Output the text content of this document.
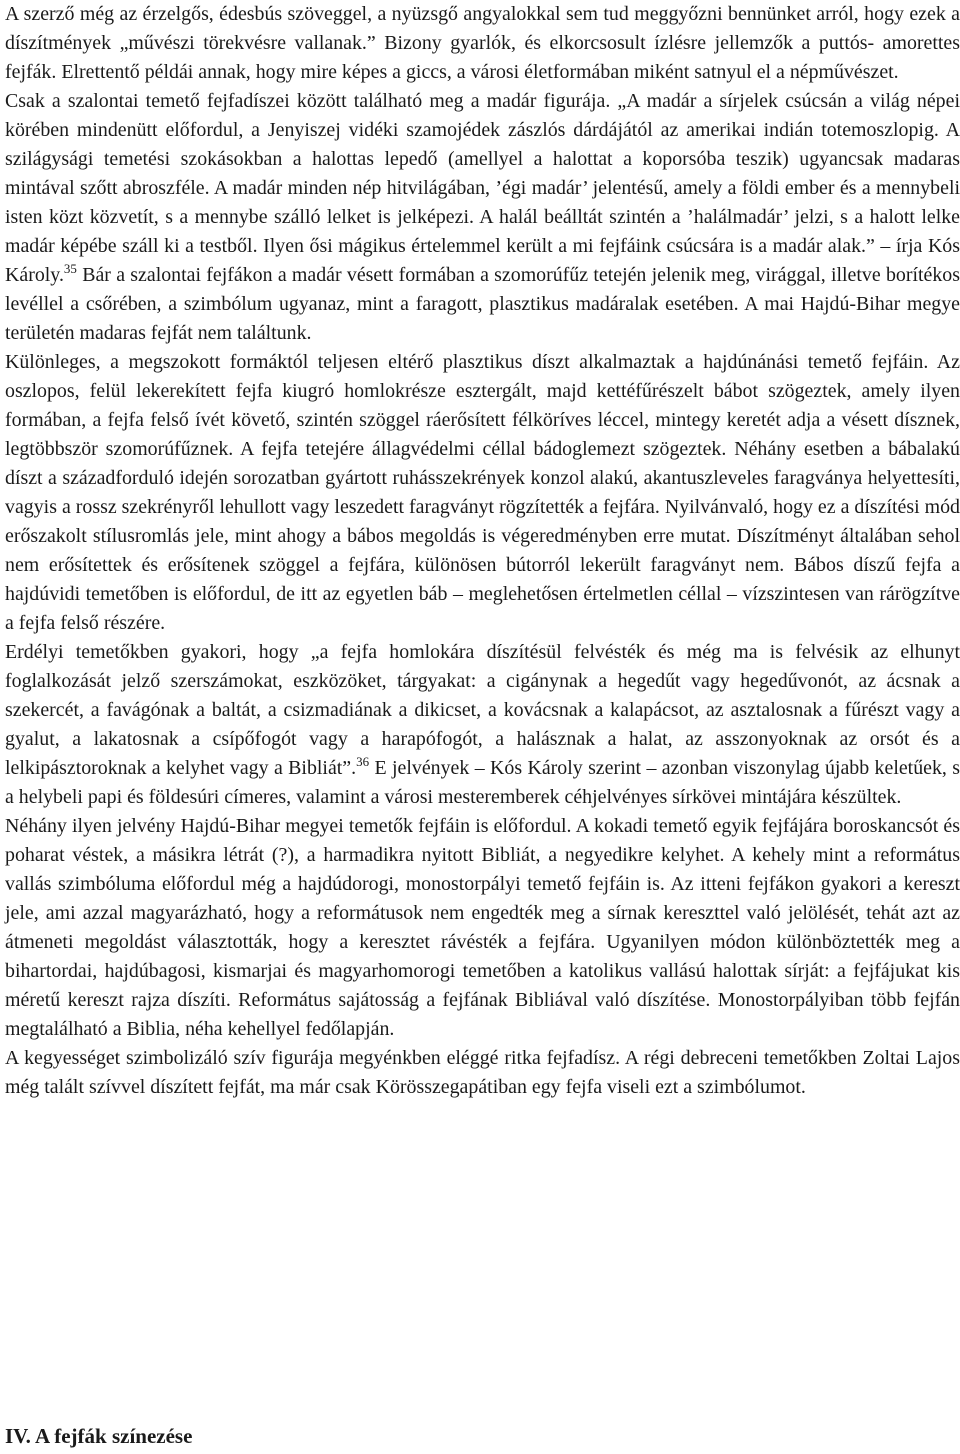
A szerző még az érzelgős, édesbús szöveggel, a nyüzsgő angyalokkal sem tud meggyőzni bennünket arról, hogy ezek a díszítmények „művészi törekvésre vallanak.” Bizony gyarlók, és elkorcsosult ízlésre jellemzők a puttós- amorettes fejfák. Elrettentő példái annak, hogy mire képes a giccs, a városi életformában miként satnyul el a népművészet.

Csak a szalontai temető fejfadíszei között található meg a madár figurája. „A madár a sírjelek csúcsán a világ népei körében mindenütt előfordul, a Jenyiszej vidéki szamojédek zászlós dárdájától az amerikai indián totemoszlopig. A szilágysági temetési szokásokban a halottas lepedő (amellyel a halottat a koporsóba teszik) ugyancsak madaras mintával szőtt abroszféle. A madár minden nép hitvilágában, ’égi madár’ jelentésű, amely a földi ember és a mennybeli isten közt közvetít, s a mennybe szálló lelket is jelképezi. A halál beálltát szintén a ’halálmadár’ jelzi, s a halott lelke madár képébe száll ki a testből. Ilyen ősi mágikus értelemmel került a mi fejfáink csúcsára is a madár alak.” – írja Kós Károly.$^{35}$ Bár a szalontai fejfákon a madár vésett formában a szomorúfűz tetején jelenik meg, virággal, illetve borítékos levéllel a csőrében, a szimbólum ugyanaz, mint a faragott, plasztikus madáralak esetében. A mai Hajdú-Bihar megye területén madaras fejfát nem találtunk.

Különleges, a megszokott formáktól teljesen eltérő plasztikus díszt alkalmaztak a hajdúnánási temető fejfáin. Az oszlopos, felül lekerekített fejfa kiugró homlokrésze esztergált, majd kettéfűrészelt bábot szögeztek, amely ilyen formában, a fejfa felső ívét követő, szintén szöggel ráerősített félköríves léccel, mintegy keretét adja a vésett dísznek, legtöbbször szomorúfűznek. A fejfa tetejére állagvédelmi céllal bádoglemezt szögeztek. Néhány esetben a bábalakú díszt a századforduló idején sorozatban gyártott ruhásszekrények konzol alakú, akantuszleveles faragványa helyettesíti, vagyis a rossz szekrényről lehullott vagy leszedett faragványt rögzítették a fejfára. Nyilvánvaló, hogy ez a díszítési mód erőszakolt stílusromlás jele, mint ahogy a bábos megoldás is végeredményben erre mutat. Díszítményt általában sehol nem erősítettek és erősítenek szöggel a fejfára, különösen bútorról lekerült faragványt nem. Bábos díszű fejfa a hajdúvidi temetőben is előfordul, de itt az egyetlen báb – meglehetősen értelmetlen céllal – vízszintesen van rárögzítve a fejfa felső részére.

Erdélyi temetőkben gyakori, hogy „a fejfa homlokára díszítésül felvésték és még ma is felvésik az elhunyt foglalkozását jelző szerszámokat, eszközöket, tárgyakat: a cigánynak a hegedűt vagy hegedűvonót, az ácsnak a szekercét, a favágónak a baltát, a csizmadiának a dikicset, a kovácsnak a kalapácsot, az asztalosnak a fűrészt vagy a gyalut, a lakatosnak a csípőfogót vagy a harapófogót, a halásznak a halat, az asszonyoknak az orsót és a lelkipásztoroknak a kelyhet vagy a Bibliát”.$^{36}$ E jelvények – Kós Károly szerint – azonban viszonylag újabb keletűek, s a helybeli papi és földesúri címeres, valamint a városi mesteremberek céhjelvényes sírkövei mintájára készültek.

Néhány ilyen jelvény Hajdú-Bihar megyei temetők fejfáin is előfordul. A kokadi temető egyik fejfájára boroskancsót és poharat véstek, a másikra létrát (?), a harmadikra nyitott Bibliát, a negyedikre kelyhet. A kehely mint a református vallás szimbóluma előfordul még a hajdúdorogi, monostorpályi temető fejfáin is. Az itteni fejfákon gyakori a kereszt jele, ami azzal magyarázható, hogy a reformátusok nem engedték meg a sírnak kereszttel való jelölését, tehát azt az átmeneti megoldást választották, hogy a keresztet rávésték a fejfára. Ugyanilyen módon különböztették meg a bihartordai, hajdúbagosi, kismarjai és magyarhomorogi temetőben a katolikus vallású halottak sírját: a fejfájukat kis méretű kereszt rajza díszíti. Református sajátosság a fejfának Bibliával való díszítése. Monostorpályiban több fejfán megtalálható a Biblia, néha kehellyel fedőlapján.

A kegyességet szimbolizáló szív figurája megyénkben eléggé ritka fejfadísz. A régi debreceni temetőkben Zoltai Lajos még talált szívvel díszített fejfát, ma már csak Körösszegapátiban egy fejfa viseli ezt a szimbólumot.

IV. A fejfák színezése
